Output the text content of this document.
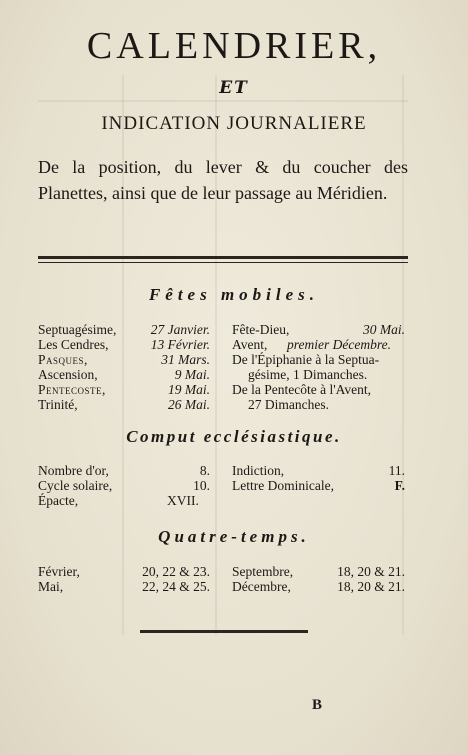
CALENDRIER,
ET
INDICATION JOURNALIERE
De la position, du lever & du coucher des Planettes, ainsi que de leur passage au Méridien.
Fêtes mobiles.
Septuagésime,	27 Janvier.
Les Cendres,	13 Février.
Pasques,	31 Mars.
Ascension,	9 Mai.
Pentecoste,	19 Mai.
Trinité,	26 Mai.
Fête-Dieu,	30 Mai.
Avent, premier Décembre.
De l'Épiphanie à la Septua-
gésime, 1 Dimanches.
De la Pentecôte à l'Avent,
27 Dimanches.
Comput ecclésiastique.
Nombre d'or,	8.
Cycle solaire,	10.
Épacte,	XVII.
Indiction,	11.
Lettre Dominicale,	F.
Quatre-temps.
Février,	20, 22 & 23. Septembre,	18, 20 & 21.
Mai,	22, 24 & 25. Décembre,	18, 20 & 21.
B
